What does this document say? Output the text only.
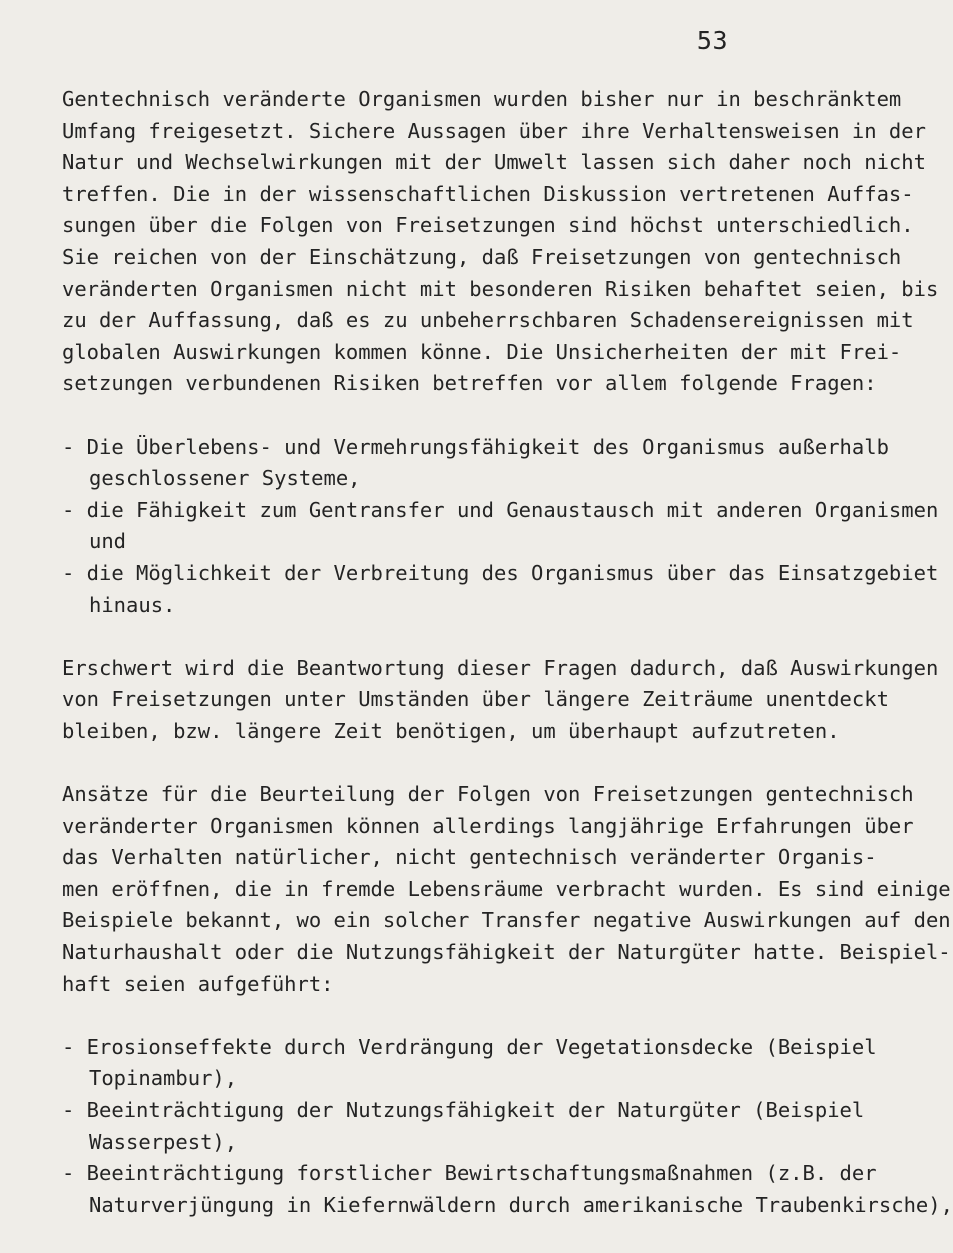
53
Gentechnisch veränderte Organismen wurden bisher nur in beschränktem
Umfang freigesetzt. Sichere Aussagen über ihre Verhaltensweisen in der
Natur und Wechselwirkungen mit der Umwelt lassen sich daher noch nicht
treffen. Die in der wissenschaftlichen Diskussion vertretenen Auffas-
sungen über die Folgen von Freisetzungen sind höchst unterschiedlich.
Sie reichen von der Einschätzung, daß Freisetzungen von gentechnisch
veränderten Organismen nicht mit besonderen Risiken behaftet seien, bis
zu der Auffassung, daß es zu unbeherrschbaren Schadensereignissen mit
globalen Auswirkungen kommen könne. Die Unsicherheiten der mit Frei-
setzungen verbundenen Risiken betreffen vor allem folgende Fragen:
- Die Überlebens- und Vermehrungsfähigkeit des Organismus außerhalb
geschlossener Systeme,
- die Fähigkeit zum Gentransfer und Genaustausch mit anderen Organismen
und
- die Möglichkeit der Verbreitung des Organismus über das Einsatzgebiet
hinaus.
Erschwert wird die Beantwortung dieser Fragen dadurch, daß Auswirkungen
von Freisetzungen unter Umständen über längere Zeiträume unentdeckt
bleiben, bzw. längere Zeit benötigen, um überhaupt aufzutreten.
Ansätze für die Beurteilung der Folgen von Freisetzungen gentechnisch
veränderter Organismen können allerdings langjährige Erfahrungen über
das Verhalten natürlicher, nicht gentechnisch veränderter Organis-
men eröffnen, die in fremde Lebensräume verbracht wurden. Es sind einige
Beispiele bekannt, wo ein solcher Transfer negative Auswirkungen auf den
Naturhaushalt oder die Nutzungsfähigkeit der Naturgüter hatte. Beispiel-
haft seien aufgeführt:
- Erosionseffekte durch Verdrängung der Vegetationsdecke (Beispiel
Topinambur),
- Beeinträchtigung der Nutzungsfähigkeit der Naturgüter (Beispiel
Wasserpest),
- Beeinträchtigung forstlicher Bewirtschaftungsmaßnahmen (z.B. der
Naturverjüngung in Kiefernwäldern durch amerikanische Traubenkirsche),
